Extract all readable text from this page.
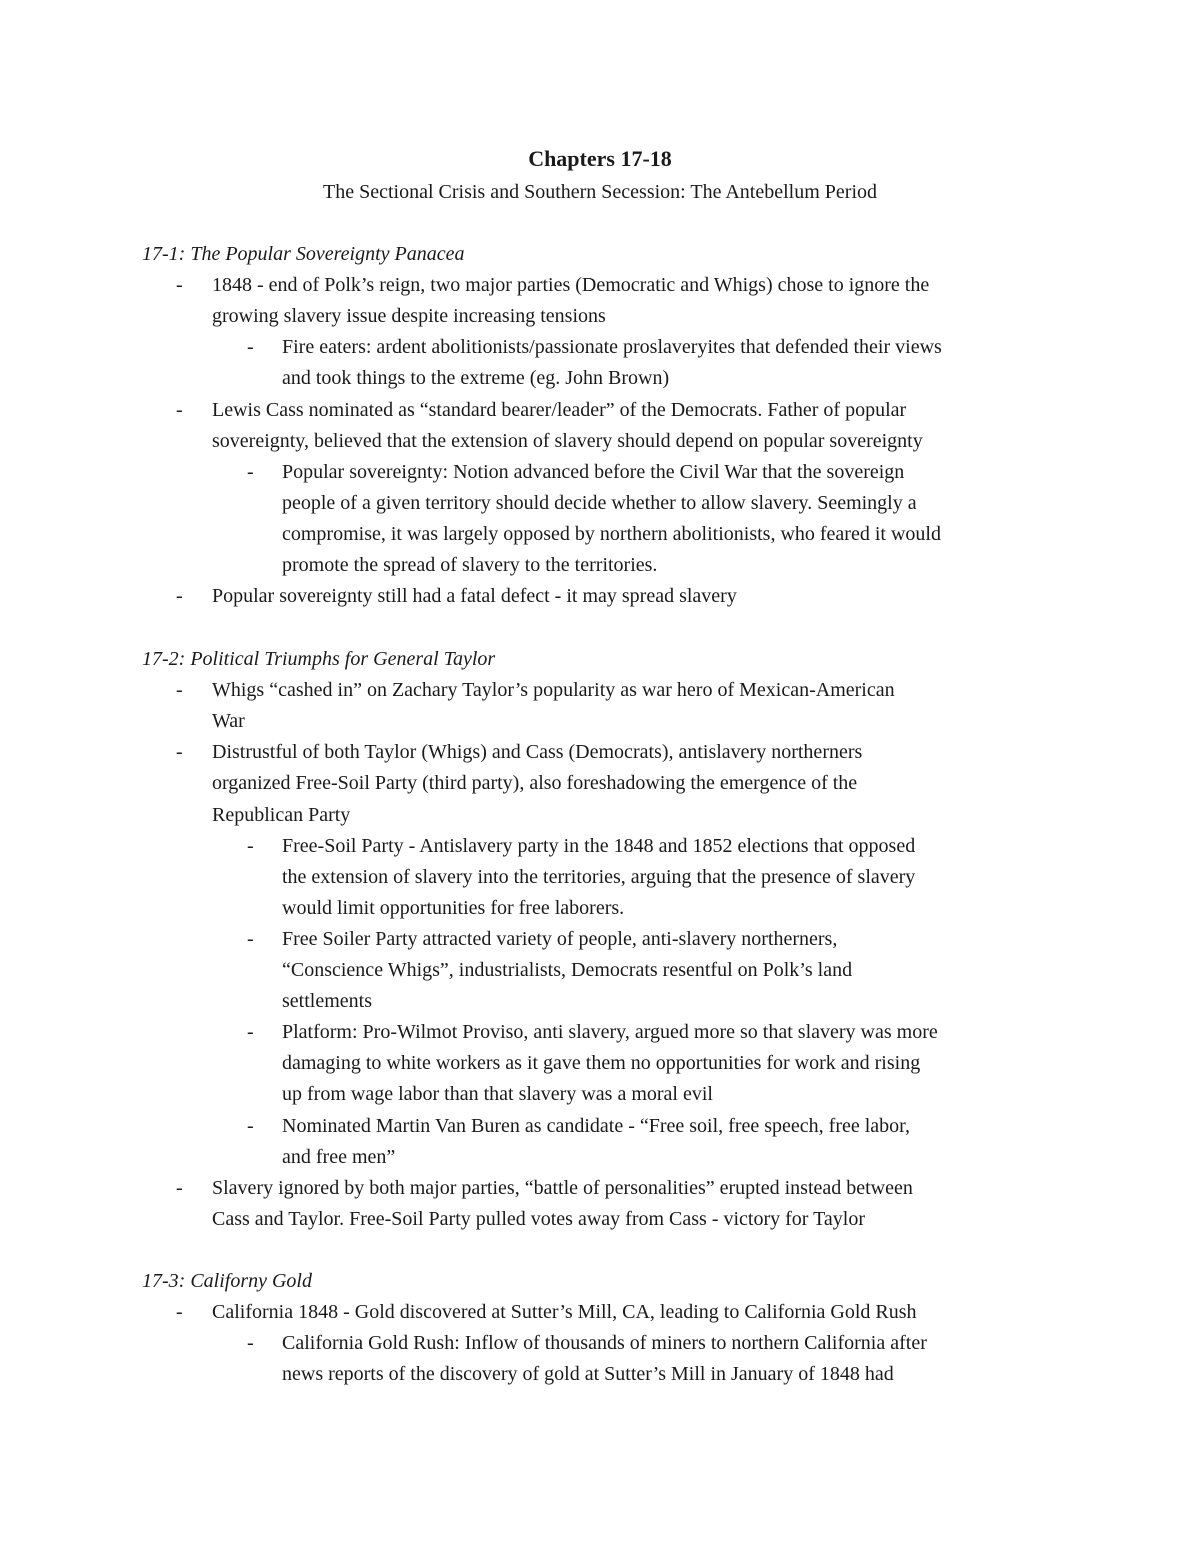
Chapters 17-18
The Sectional Crisis and Southern Secession: The Antebellum Period
17-1: The Popular Sovereignty Panacea
- 1848 - end of Polk’s reign, two major parties (Democratic and Whigs) chose to ignore the
growing slavery issue despite increasing tensions
- Fire eaters: ardent abolitionists/passionate proslaveryites that defended their views
and took things to the extreme (eg. John Brown)
- Lewis Cass nominated as “standard bearer/leader” of the Democrats. Father of popular
sovereignty, believed that the extension of slavery should depend on popular sovereignty
- Popular sovereignty: Notion advanced before the Civil War that the sovereign
people of a given territory should decide whether to allow slavery. Seemingly a
compromise, it was largely opposed by northern abolitionists, who feared it would
promote the spread of slavery to the territories.
- Popular sovereignty still had a fatal defect - it may spread slavery
17-2: Political Triumphs for General Taylor
- Whigs “cashed in” on Zachary Taylor’s popularity as war hero of Mexican-American
War
- Distrustful of both Taylor (Whigs) and Cass (Democrats), antislavery northerners
organized Free-Soil Party (third party), also foreshadowing the emergence of the
Republican Party
- Free-Soil Party - Antislavery party in the 1848 and 1852 elections that opposed
the extension of slavery into the territories, arguing that the presence of slavery
would limit opportunities for free laborers.
- Free Soiler Party attracted variety of people, anti-slavery northerners,
“Conscience Whigs”, industrialists, Democrats resentful on Polk’s land
settlements
- Platform: Pro-Wilmot Proviso, anti slavery, argued more so that slavery was more
damaging to white workers as it gave them no opportunities for work and rising
up from wage labor than that slavery was a moral evil
- Nominated Martin Van Buren as candidate - “Free soil, free speech, free labor,
and free men”
- Slavery ignored by both major parties, “battle of personalities” erupted instead between
Cass and Taylor. Free-Soil Party pulled votes away from Cass - victory for Taylor
17-3: Californy Gold
- California 1848 - Gold discovered at Sutter’s Mill, CA, leading to California Gold Rush
- California Gold Rush: Inflow of thousands of miners to northern California after
news reports of the discovery of gold at Sutter’s Mill in January of 1848 had
